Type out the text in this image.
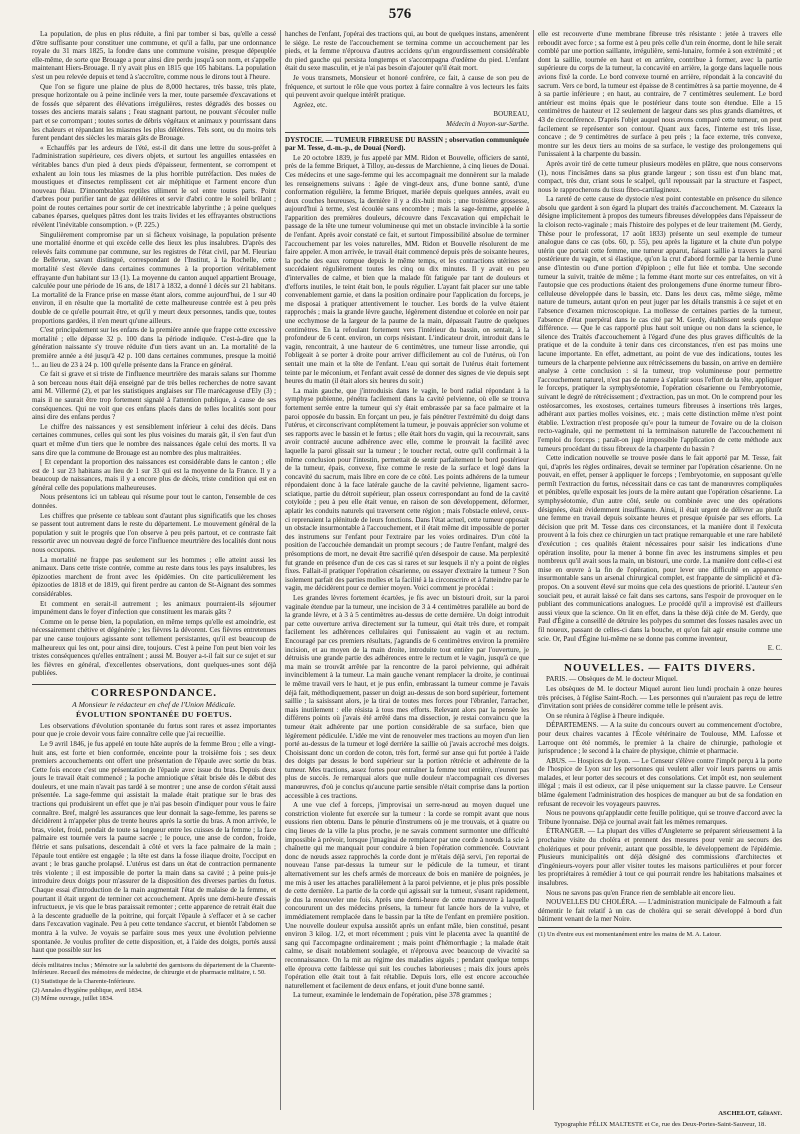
576

La population, de plus en plus réduite, a fini par tomber si bas, qu'elle a cessé d'être suffisante pour constituer une commune, et qu'il a fallu, par une ordonnance royale du 31 mars 1825, la fondre dans une commune voisine, presque dépeuplée elle-même, de sorte que Brouage a pour ainsi dire perdu jusqu'à son nom, et s'appelle maintenant Hiers-Brouage. Il n'y avait plus en 1815 que 105 habitans. La population s'est un peu relevée depuis et tend à s'accroître, comme nous le dirons tout à l'heure.

Que l'on se figure une plaine de plus de 8,000 hectares, très basse, très plate, presque horizontale ou à peine inclinée vers la mer, toute parsemée d'excavations et de fossés que séparent des élévations irrégulières, restes dégradés des bosses ou tosses des anciens marais salans ; l'eau stagnant partout, ne pouvant s'écouler nulle part et se corrompant ; toutes sortes de débris végétaux et animaux y pourrissant dans les chaleurs et répandant les miasmes les plus délétères. Tels sont, ou du moins tels furent pendant des siècles les marais gâts de Brouage.

« Echauffés par les ardeurs de l'été, est-il dit dans une lettre du sous-préfet à l'administration supérieure, ces divers objets, et surtout les anguilles entassées en véritables bancs d'un pied à deux pieds d'épaisseur, fermentent, se corrompent et exhalent au loin tous les miasmes de la plus horrible putréfaction. Des nuées de moustiques et d'insectes remplissent cet air méphitique et l'arment encore d'un nouveau fléau. D'innombrables reptiles ulliment le sol entre toutes parts. Point d'arbres pour purifier tant de gaz délétères et servir d'abri contre le soleil brûlant ; point de routes certaines pour sortir de cet inextricable labyrinthe ; à peine quelques cabanes éparses, quelques pâtres dont les traits livides et les effrayantes obstructions révèlent l'inévitable consomption. » (P. 225.)

Singulièrement compromise par un si fâcheux voisinage, la population présente une mortalité énorme et qui excède celle des lieux les plus insalubres. D'après des relevés faits commune par commune, sur les registres de l'état civil, par M. Fleuriau de Bellevue, savant distingué, correspondant de l'Institut, à la Rochelle, cette mortalité s'est élevée dans certaines communes à la proportion véritablement effrayante d'un habitant sur 13 (1). La moyenne du canton auquel appartient Brouage, calculée pour une période de 16 ans, de 1817 à 1832, a donné 1 décès sur 21 habitans. La mortalité de la France prise en masse étant alors, comme aujourd'hui, de 1 sur 40 environ, il en résulte que la mortalité de cette malheureuse contrée est à peu près double de ce qu'elle pourrait être, et qu'il y meurt deux personnes, tandis que, toutes proportions gardées, il n'en meurt qu'une ailleurs.

C'est principalement sur les enfans de la première année que frappe cette excessive mortalité ; elle dépasse 32 p. 100 dans la période indiquée. C'est-à-dire que la génération naissante s'y trouve réduite d'un tiers avant un an. La mortalité de la première année a été jusqu'à 42 p. 100 dans certaines communes, presque la moitié !... au lieu de 23 à 24 p. 100 qu'elle présente dans la France en général.

Ce fait si grave et si triste de l'influence meurtrière des marais salans sur l'homme à son berceau nous était déjà enseigné par de très belles recherches de notre savant ami M. Villermé (2), et par les statistiques anglaises sur l'île marécageuse d'Ely (3) ; mais il ne saurait être trop fortement signalé à l'attention publique, à cause de ses conséquences. Qui ne voit que ces enfans placés dans de telles localités sont pour ainsi dire des enfans perdus ?

Le chiffre des naissances y est sensiblement inférieur à celui des décès. Dans certaines communes, celles qui sont les plus voisines du marais gât, il s'en faut d'un quart et même d'un tiers que le nombre des naissances égale celui des morts. Il va sans dire que la commune de Brouage est au nombre des plus maltraitées.

[ Et cependant la proportion des naissances est considérable dans le canton ; elle est de 1 sur 23 habitans au lieu de 1 sur 33 qui est la moyenne de la France. Il y a beaucoup de naissances, mais il y a encore plus de décès, triste condition qui est en général celle des populations malheureuses.

Nous présentons ici un tableau qui résume pour tout le canton, l'ensemble de ces données.

Les chiffres que présente ce tableau sont d'autant plus significatifs que les choses se passent tout autrement dans le reste du département. Le mouvement général de la population y suit le progrès que l'on observe à peu près partout, et ce contraste fait ressortir avec un nouveau degré de force l'influence meurtrière des localités dont nous nous occupons.

La mortalité ne frappe pas seulement sur les hommes ; elle atteint aussi les animaux. Dans cette triste contrée, comme au reste dans tous les pays insalubres, les épizooties marchent de front avec les épidémies. On cite particulièrement les épizooties de 1818 et de 1819, qui firent perdre au canton de St-Aignant des sommes considérables.

Et comment en serait-il autrement ; les animaux pourraient-ils séjourner impunément dans le foyer d'infection que constituent les marais gâts ?

Comme on le pense bien, la population, en même temps qu'elle est amoindrie, est nécessairement chétive et dégénérée ; les fièvres la dévorent. Ces fièvres entretenues par une cause toujours agissante sont tellement persistantes, qu'il est beaucoup de malheureux qui les ont, pour ainsi dire, toujours. C'est à peine l'on peut bien voir les tristes conséquences qu'elles entraînent ; aussi M. Bouyer a-t-il fait sur ce sujet et sur les fièvres en général, d'excellentes observations, dont quelques-unes sont déjà publiées.

CORRESPONDANCE.

A Monsieur le rédacteur en chef de l'Union Médicale.

ÉVOLUTION SPONTANÉE DU FOETUS.

Les observations d'évolution spontanée du fœtus sont rares et assez importantes pour que je croie devoir vous faire connaître celle que j'ai recueillie.

Le 9 avril 1846, je fus appelé en toute hâte auprès de la femme Brou ; elle a vingt-huit ans, est forte et bien conformée, enceinte pour la troisième fois ; ses deux premiers accouchements ont offert une présentation de l'épaule avec sortie du bras. Cette fois encore c'est une présentation de l'épaule avec issue du bras. Depuis deux jours le travail était commencé ; la poche amniotique s'était brisée dès le début des douleurs, et une main n'avait pas tardé à se montrer ; une anse de cordon s'était aussi présentée. La sage-femme qui assistait la malade était pratique sur le bras des tractions qui produisirent un effet que je n'ai pas besoin d'indiquer pour vous le faire connaître. Bref, malgré les assurances que leur donnait la sage-femme, les parens se décidèrent à m'appeler plus de trente heures après la sortie du bras. A mon arrivée, le bras, violet, froid, pendait de toute sa longueur entre les cuisses de la femme ; la face palmaire est tournée vers la paume sacrée ; le pouce, une anse de cordon, froide, flétrie et sans pulsations, descendait à côté et vers la face palmaire de la main ; l'épaule tout entière est engagée ; la tête est dans la fosse iliaque droite, l'occiput en avant ; le bras gauche prolapsé. L'utérus est dans un état de contraction permanente très violente ; il est impossible de porter la main dans sa cavité ; à peine puis-je introduire deux doigts pour m'assurer de la disposition des diverses parties du fœtus. Chaque essai d'introduction de la main augmentait l'état de malaise de la femme, et pourtant il était urgent de terminer cet accouchement. Après une demi-heure d'essais infructueux, je vis que le bras paraissait remonter ; cette apparence de retrait était due à la descente graduelle de la poitrine, qui forçait l'épaule à s'effacer et à se cacher dans l'excavation vaginale. Peu à peu cette tendance s'accrut, et bientôt l'abdomen se montra à la vulve. Je voyais se parfaire sous mes yeux une évolution pelvienne spontanée. Je voulus profiter de cette disposition, et, à l'aide des doigts, portés aussi haut que possible sur les

décès militaires inclus ; Mémoire sur la salubrité des garnisons du département de la Charente-Inférieure. Recueil des mémoires de médecine, de chirurgie et de pharmacie militaire, t. 50.

(1) Statistique de la Charente-Inférieure.

(2) Annales d'hygiène publique, avril 1834.

(3) Même ouvrage, juillet 1834.

hanches de l'enfant, j'opérai des tractions qui, au bout de quelques instans, amenèrent le siége. Le reste de l'accouchement se termina comme un accouchement par les pieds, et la femme n'éprouva d'autres accidens qu'un engourdissement considérable du pied gauche qui persista longtemps et s'accompagna d'œdème du pied. L'enfant était du sexe masculin, et je n'ai pas besoin d'ajouter qu'il était mort.

Je vous transmets, Monsieur et honoré confrère, ce fait, à cause de son peu de fréquence, et surtout le rôle que vous portez à faire connaître à vos lecteurs les faits qui peuvent avoir quelque intérêt pratique.

Agréez, etc.

BOUREAU,

Médecin à Noyon-sur-Sarthe.

DYSTOCIE. — TUMEUR FIBREUSE DU BASSIN ; observation communiquée par M. Tesse, d.-m.-p., de Douai (Nord).

Le 20 octobre 1839, je fus appelé par MM. Ridon et Bouvelle, officiers de santé, près de la femme Briquet, à Tilloy, au-dessus de Marchienne, à cinq lieues de Douai. Ces médecins et une sage-femme qui les accompagnait me donnèrent sur la malade les renseignemens suivans : âgée de vingt-deux ans, d'une bonne santé, d'une conformation régulière, la femme Briquet, mariée depuis quelques années, avait eu deux couches heureuses, la dernière il y a dix-huit mois ; une troisième grossesse, aujourd'hui à terme, s'est écoulée sans encombre ; mais la sage-femme, appelée à l'apparition des premières douleurs, découvre dans l'excavation qui empêchait le passage de la tête une tumeur volumineuse qui met un obstacle invincible à la sortie de l'enfant. Après avoir constaté ce fait, et surtout l'impossibilité absolue de terminer l'accouchement par les voies naturelles, MM. Ridon et Bouvelle résolurent de me faire appeler. A mon arrivée, le travail était commencé depuis près de soixante heures, la poche des eaux rompue depuis le même temps, et les contractions utérines se succédaient régulièrement toutes les cinq ou dix minutes. Il y avait eu peu d'intervalles de calme, et bien que la malade fût fatiguée par tant de douleurs et d'efforts inutiles, le teint était bon, le pouls régulier. L'ayant fait placer sur une table convenablement garnie, et dans la position ordinaire pour l'application du forceps, je me disposai à pratiquer attentivement le toucher. Les bords de la vulve étaient rapprochés ; mais la grande lèvre gauche, légèrement distendue et colorée en noir par une ecchymose de la largeur de la paume de la main, dépassait l'autre de quelques centimètres. En la refoulant fortement vers l'intérieur du bassin, on sentait, à la profondeur de 6 cent. environ, un corps résistant. L'indicateur droit, introduit dans le vagin, rencontrait, à une hauteur de 6 centimètres, une tumeur lisse arrondie, qui l'obligeait à se porter à droite pour arriver difficilement au col de l'utérus, où l'on sentait une main et la tête de l'enfant. L'eau qui sortait de l'utérus était fortement teinte par le méconium, et l'enfant avait cessé de donner des signes de vie depuis sept heures du matin (il était alors six heures du soir.)

La main gauche, que j'introduisis dans le vagin, le bord radial répondant à la symphyse pubienne, pénétra facilement dans la cavité pelvienne, où elle se trouva fortement serrée entre la tumeur qui s'y était embrassée par sa face palmaire et la paroi opposée du bassin. En forçant un peu, je fais pénétrer l'extrémité du doigt dans l'utérus, et circonscrivant complètement la tumeur, je pouvais apprécier son volume et ses rapports avec le bassin et le fœtus ; elle était hors du vagin, qui la recouvrait, sans avoir contracté aucune adhérence avec elle, comme le prouvait la facilité avec laquelle la paroi glissait sur la tumeur ; le toucher rectal, outre qu'il confirmait à la même conclusion pour l'intestin, permettait de sentir parfaitement le bord postérieur de la tumeur, épais, convexe, fixe comme le reste de la surface et logé dans la concavité du sacrum, mais libre en core de ce côté. Les points adhérens de la tumeur répondaient donc à la face latérale gauche de la cavité pelvienne, ligament sacro-sciatique, partie du détroit supérieur, plan osseux correspondant au fond de la cavité cotyloïde ; peu à peu elle était venue, en raison de son développement, déformer, aplatir les conduits naturels qui traversent cette région ; mais l'obstacle enlevé, ceux-ci reprenaient la plénitude de leurs fonctions. Dans l'état actuel, cette tumeur opposait un obstacle insurmontable à l'accouchement, et il était même dit impossible de porter des instrumens sur l'enfant pour l'extraire par les voies ordinaires. D'un côté la position de l'accouchée demandait un prompt secours ; de l'autre l'enfant, malgré des présomptions de mort, ne devait être sacrifié qu'en désespoir de cause. Ma perplexité fut grande en présence d'un de ces cas si rares et sur lesquels il n'y a point de règles fixes. Fallait-il pratiquer l'opération césarienne, ou essayer d'extraire la tumeur ? Son isolement parfait des parties molles et la facilité à la circonscrire et à l'atteindre par le vagin, me décidèrent pour ce dernier moyen. Voici comment je procédai :

Les grandes lèvres fortement écartées, je fis avec un bistouri droit, sur la paroi vaginale étendue par la tumeur, une incision de 3 à 4 centimètres parallèle au bord de la grande lèvre, et à 3 à 5 centimètres au-dessus de cette dernière. Un doigt introduit par cette ouverture arriva directement sur la tumeur, qui était très dure, et rompait facilement les adhérences cellulaires qui l'unissaient au vagin et au rectum. Encouragé par ces premiers résultats, j'agrandis de 6 centimètres environ la première incision, et au moyen de la main droite, introduite tout entière par l'ouverture, je détruisis une grande partie des adhérences entre le rectum et le vagin, jusqu'à ce que ma main se trouvât arrêtée par la rencontre de la paroi pelvienne, qui adhérait invinciblement à la tumeur. La main gauche venant remplacer la droite, je continuai le même travail vers le haut, et je pus enfin, embrassant la tumeur comme je l'avais déjà fait, méthodiquement, passer un doigt au-dessus de son bord supérieur, fortement saillie ; la saisissant alors, je la tirai de toutes mes forces pour l'ébranler, l'arracher, mais inutilement : elle résista à tous mes efforts. Relevant alors par la pensée les différens points où j'avais été arrêté dans ma dissection, je restai convaincu que la tumeur était adhérente par une portion considérable de sa surface, bien que légèrement pédiculée. L'idée me vint de renouveler mes tractions au moyen d'un lien porté au-dessus de la tumeur et logé derrière la saillie où j'avais accroché mes doigts. Choisissant donc un cordon de coton, très fort, fermé sur anse qui fut portée à l'aide des doigts par dessus le bord supérieur sur la portion rétrécie et adhérente de la tumeur. Mes tractions, assez fortes pour entraîner la femme tout entière, n'eurent pas plus de succès. Je remarquai alors que nulle douleur n'accompagnait ces diverses manœuvres, d'où je conclus qu'aucune partie sensible n'était comprise dans la portion accessible à ces tractions.

A une vue clef à forceps, j'improvisai un serre-nœud au moyen duquel une constriction violente fut exercée sur la tumeur : la corde se rompit avant que nous eussions rien obtenu. Dans le pénurie d'instrumens où je me trouvais, et à quatre ou cinq lieues de la ville la plus proche, je ne savais comment surmonter une difficulté impossible à prévoir, lorsque j'imaginai de remplacer par une corde à nœuds la scie à chaînette qui me manquait pour conduire à bien l'opération commencée. Couvrant donc de nœuds assez rapprochés la corde dont je m'étais déjà servi, j'en reportai de nouveau l'anse par-dessus la tumeur sur le pédicule de la tumeur, et tirant alternativement sur les chefs armés de morceaux de bois en manière de poignées, je me mis à user les attaches parallèlement à la paroi pelvienne, et je plus près possible de cette dernière. La partie de la corde qui agissait sur la tumeur, s'usant rapidement, je dus la renouveler une fois. Après une demi-heure de cette manœuvre à laquelle concoururent un des médecins présens, la tumeur fut lancée hors de la vulve, et immédiatement remplacée dans le bassin par la tête de l'enfant en première position. Une nouvelle douleur expulsa aussitôt après un enfant mâle, bien constitué, pesant environ 3 kilog. 1/2, et mort récemment ; puis vint le placenta avec la quantité de sang qui l'accompagne ordinairement ; mais point d'hémorrhagie ; la malade était calme, se disait notablement soulagée, et n'éprouva avec beaucoup de vivacité sa reconnaissance. On la mit au régime des maladies aiguës ; pendant quelque temps elle éprouva cette faiblesse qui suit les couches laborieuses ; mais dix jours après l'opération elle était tout à fait rétablie. Depuis lors, elle est encore accouchée naturellement et facilement de deux enfans, et jouit d'une bonne santé.

La tumeur, examinée le lendemain de l'opération, pèse 378 grammes ;

elle est recouverte d'une membrane fibreuse très résistante : jetée à travers elle reboudit avec force ; sa forme est à peu près celle d'un rein énorme, dont le hile serait comblé par une portion saillante, irrégulière, semi-lunaire, formée à son extrémité ; et dont la saillie, tournée en haut et en arrière, contribue à former, avec la partie supérieure du corps de la tumeur, la concavité en arrière, la gorge dans laquelle nous avions fixé la corde. Le bord convexe tourné en arrière, répondait à la concavité du sacrum. Vers ce bord, la tumeur est épaisse de 8 centimètres à sa partie moyenne, de 4 à sa partie inférieure ; en haut, au contraire, de 7 centimètres seulement. Le bord antérieur est moins épais que le postérieur dans toute son étendue. Elle a 15 centimètres de hauteur et 12 seulement de largeur dans ses plus grands diamètres, et 43 de circonférence. D'après l'objet auquel nous avons comparé cette tumeur, on peut facilement se représenter son contour. Quant aux faces, l'interne est très lisse, concave ; de 9 centimètres de surface à peu près ; la face externe, très convexe, montre sur les deux tiers au moins de sa surface, le vestige des prolongemens qui l'unissaient à la charpente du bassin.

Après avoir tiré de cette tumeur plusieurs modèles en plâtre, que nous conservons (1), nous l'incisâmes dans sa plus grande largeur ; son tissu est d'un blanc mat, compact, très dur, criant sous le scalpel, qu'il repoussait par la structure et l'aspect, nous le rapprocherons du tissu fibro-cartilagineux.

La rareté de cette cause de dystocie n'est point contestable en présence du silence absolu que gardent à son égard la plupart des traités d'accouchement. M. Cazeaux la désigne implicitement à propos des tumeurs fibreuses développées dans l'épaisseur de la cloison recto-vaginale ; mais l'histoire des polypes et de leur traitement (M. Gerdy, Thèse pour le professorat, 17 août 1833) présente un seul exemple de tumeur analogue dans ce cas (obs. 60, p. 55), peu après la ligature et la chute d'un polype utérin que portait cette femme, une tumeur apparut, faisant saillie à travers la paroi postérieure du vagin, et si élastique, qu'on la crut d'abord formée par la hernie d'une anse d'intestin ou d'une portion d'épiploon ; elle fut liée et tomba. Une seconde tumeur la suivit, traitée de même ; la femme étant morte sur ces entrefaites, on vit à l'autopsie que ces productions étaient des prolongemens d'une énorme tumeur fibro-celluleuse développée dans le bassin, etc. Dans les deux cas, même siége, même nature de tumeurs, autant qu'on en peut juger par les détails transmis à ce sujet et en l'absence d'examen microscopique. La mollesse de certaines parties de la tumeur, l'absence d'état puerpéral dans le cas cité par M. Gerdy, établissent seuls quelque différence. — Que le cas rapporté plus haut soit unique ou non dans la science, le silence des Traités d'accouchement à l'égard d'une des plus graves difficultés de la pratique et de la conduite à tenir dans ces circonstances, n'en est pas moins une lacune importante. En effet, admettant, au point de vue des indications, toutes les tumeurs de la charpente pelvienne aux rétrécissemens du bassin, on arrive en dernière analyse à cette conclusion : si la tumeur, trop volumineuse pour permettre l'accouchement naturel, n'est pas de nature à s'aplatir sous l'effort de la tête, appliquer le forceps, pratiquer la symphyséotomie, l'opération césarienne ou l'embryotomie, suivant le degré de rétrécissement ; d'extraction, pas un mot. On le comprend pour les ostéosarcomes, les exostoses, certaines tumeurs fibreuses à insertions très larges, adhérant aux parties molles voisines, etc. ; mais cette distinction même n'est point établie. L'extraction n'est proposée qu'« pour la tumeur de l'ovaire ou de la cloison recto-vaginale, qui ne permettent ni la terminaison naturelle de l'accouchement ni l'emploi du forceps ; paraît-on jugé impossible l'application de cette méthode aux tumeurs procédant du tissu fibreux de la charpente du bassin ?

Cette indication nouvelle se trouve posée dans le fait apporté par M. Tesse, fait qui, d'après les règles ordinaires, devait se terminer par l'opération césarienne. On ne pouvait, en effet, penser à appliquer le forceps ; l'embryotomie, en supposant qu'elle permît l'extraction du fœtus, nécessitait dans ce cas tant de manœuvres compliquées et pénibles, qu'elle exposait les jours de la mère autant que l'opération césarienne. La symphyséotomie, d'un autre côté, seule ou combinée avec une des opérations désignées, était évidemment insuffisante. Ainsi, il était urgent de délivrer au plutôt une femme en travail depuis soixante heures et presque épuisée par ses efforts. La décision que prit M. Tesse dans ces circonstances, et la manière dont il l'exécuta prouvent à la fois chez ce chirurgien un tact pratique remarquable et une rare habileté d'exécution ; ces qualités étaient nécessaires pour saisir les indications d'une opération insolite, pour la mener à bonne fin avec les instrumens simples et peu nombreux qu'il avait sous la main, un bistouri, une corde. La manière dont celle-ci est mise en œuvre à la fin de l'opération, pour lever une difficulté en apparence insurmontable sans un arsenal chirurgical complet, est frappante de simplicité et d'à-propos. On a souvent élevé sur moins que cela des questions de priorité. L'auteur s'en souciait peu, et aurait laissé ce fait dans ses cartons, sans l'espoir de provoquer en le publiant des communications analogues. Le procédé qu'il a improvisé est d'ailleurs aussi vieux que la science. On lit en effet, dans la thèse déjà citée de M. Gerdy, que Paul d'Égine a conseillé de détruire les polypes du sommet des fosses nasales avec un fil noueux, passant de celles-ci dans la bouche, et qu'on fait agir ensuite comme une scie. Or, Paul d'Égine lui-même ne se donne pas comme inventeur,

E. C.

NOUVELLES. — FAITS DIVERS.

PARIS. — Obsèques de M. le docteur Miquel.

Les obsèques de M. le docteur Miquel auront lieu lundi prochain à onze heures très précises, à l'église Saint-Roch. — Les personnes qui n'auraient pas reçu de lettre d'invitation sont priées de considérer comme telle le présent avis.

On se réunira à l'église à l'heure indiquée.

DÉPARTEMENS. — A la suite du concours ouvert au commencement d'octobre, pour deux chaires vacantes à l'École vétérinaire de Toulouse, MM. Lafosse et Larroque ont été nommés, le premier à la chaire de chirurgie, pathologie et jurisprudence ; le second à la chaire de physique, chimie et pharmacie.

ABUS. — Hospices de Lyon. — Le Censeur s'élève contre l'impôt perçu à la porte de l'hospice de Lyon sur les personnes qui veulent aller voir leurs parens ou amis malades, et leur porter des secours et des consolations. Cet impôt est, non seulement illégal ; mais il est odieux, car il pèse uniquement sur la classe pauvre. Le Censeur blâme également l'administration des hospices de manquer au but de sa fondation en refusant de recevoir les voyageurs pauvres.

Nous ne pouvons qu'applaudir cette feuille politique, qui se trouve d'accord avec la Tribune lyonnaise. Déjà ce journal avait fait les mêmes remarques.

ÉTRANGER. — La plupart des villes d'Angleterre se préparent sérieusement à la prochaine visite du choléra et prennent des mesures pour venir au secours des cholériques et pour prévenir, autant que possible, le développement de l'épidémie. Plusieurs municipalités ont déjà désigné des commissions d'architectes et d'ingénieurs-voyers pour aller visiter toutes les maisons particulières et pour forcer les propriétaires à remédier à tout ce qui pourrait rendre les habitations malsaines et insalubres.

Nous ne savons pas qu'en France rien de semblable ait encore lieu.

NOUVELLES DU CHOLÉRA. — L'administration municipale de Falmouth a fait démentir le fait relatif à un cas de choléra qui se serait développé à bord d'un bâtiment venant de la mer Noire.

(1) Un d'entre eux est momentanément entre les mains de M. A. Latour.

ASCHELOT, Gérant.
Typographie FÉLIX MALTESTE et Ce, rue des Deux-Portes-Saint-Sauveur, 18.
